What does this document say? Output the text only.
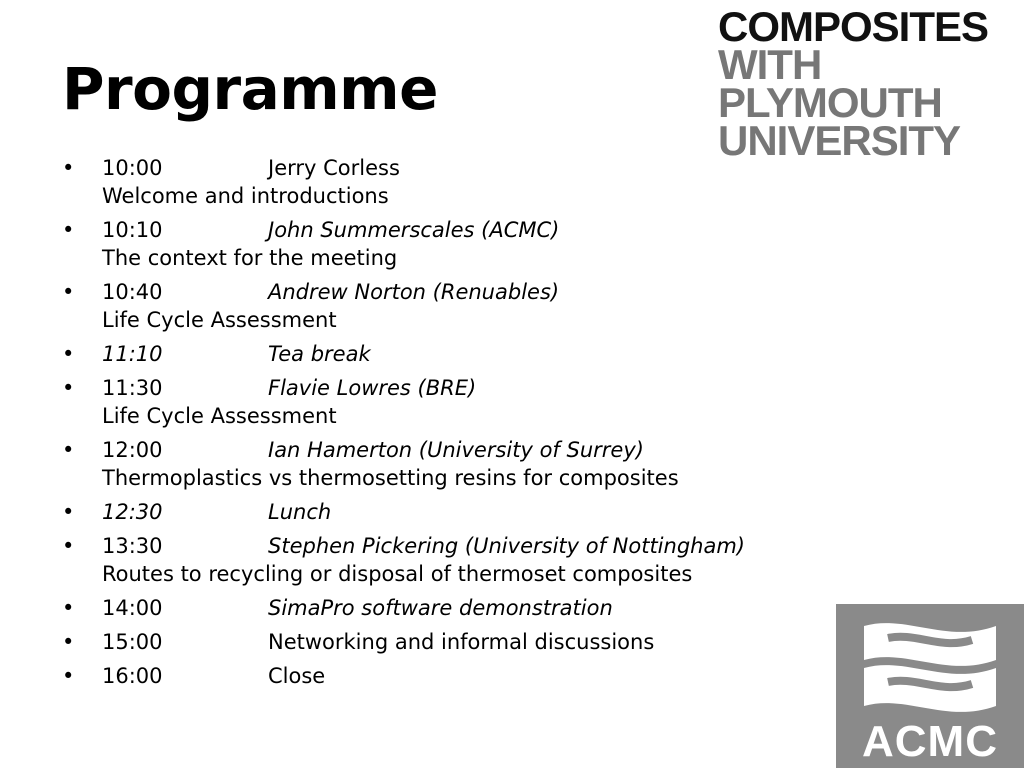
Programme
COMPOSITES
WITH
PLYMOUTH
UNIVERSITY
• 10:00	Jerry Corless
Welcome and introductions
• 10:10	John Summerscales (ACMC)
The context for the meeting
• 10:40	Andrew Norton (Renuables)
Life Cycle Assessment
• 11:10	Tea break
• 11:30	Flavie Lowres (BRE)
Life Cycle Assessment
• 12:00	Ian Hamerton (University of Surrey)
Thermoplastics vs thermosetting resins for composites
• 12:30	Lunch
• 13:30	Stephen Pickering (University of Nottingham)
Routes to recycling or disposal of thermoset composites
• 14:00	SimaPro software demonstration
• 15:00	Networking and informal discussions
• 16:00	Close
ACMC
